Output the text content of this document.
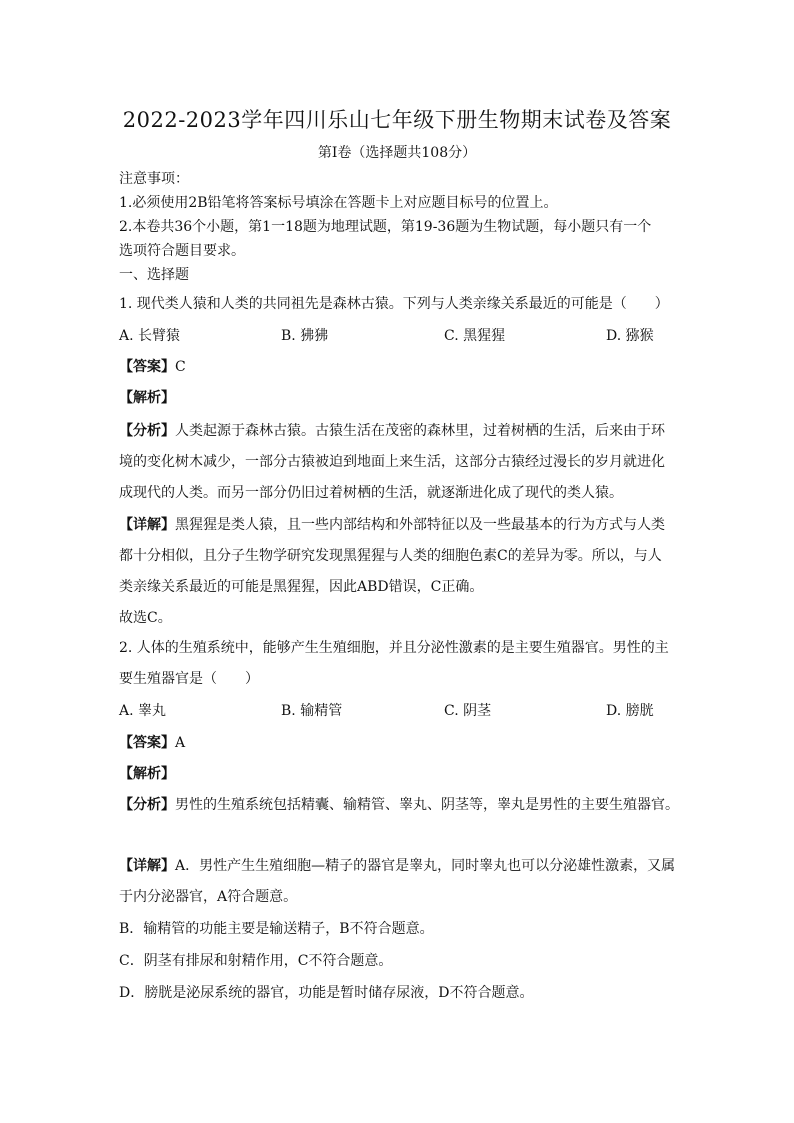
2022-2023学年四川乐山七年级下册生物期末试卷及答案
第I卷（选择题共108分）
注意事项：
1.必须使用2B铅笔将答案标号填涂在答题卡上对应题目标号的位置上。
2.本卷共36个小题，第1一18题为地理试题，第19-36题为生物试题，每小题只有一个
选项符合题目要求。
一、选择题
1. 现代类人猿和人类的共同祖先是森林古猿。下列与人类亲缘关系最近的可能是（　　）
A. 长臂猿	B. 狒狒	C. 黑猩猩	D. 猕猴
【答案】C
【解析】
【分析】人类起源于森林古猿。古猿生活在茂密的森林里，过着树栖的生活，后来由于环
境的变化树木减少，一部分古猿被迫到地面上来生活，这部分古猿经过漫长的岁月就进化
成现代的人类。而另一部分仍旧过着树栖的生活，就逐渐进化成了现代的类人猿。
【详解】黑猩猩是类人猿，且一些内部结构和外部特征以及一些最基本的行为方式与人类
都十分相似，且分子生物学研究发现黑猩猩与人类的细胞色素C的差异为零。所以，与人
类亲缘关系最近的可能是黑猩猩，因此ABD错误，C正确。
故选C。
2. 人体的生殖系统中，能够产生生殖细胞，并且分泌性激素的是主要生殖器官。男性的主
要生殖器官是（　　）
A. 睾丸	B. 输精管	C. 阴茎	D. 膀胱
【答案】A
【解析】
【分析】男性的生殖系统包括精囊、输精管、睾丸、阴茎等，睾丸是男性的主要生殖器官。
【详解】A．男性产生生殖细胞—精子的器官是睾丸，同时睾丸也可以分泌雄性激素，又属
于内分泌器官，A符合题意。
B．输精管的功能主要是输送精子，B不符合题意。
C．阴茎有排尿和射精作用，C不符合题意。
D．膀胱是泌尿系统的器官，功能是暂时储存尿液，D不符合题意。
